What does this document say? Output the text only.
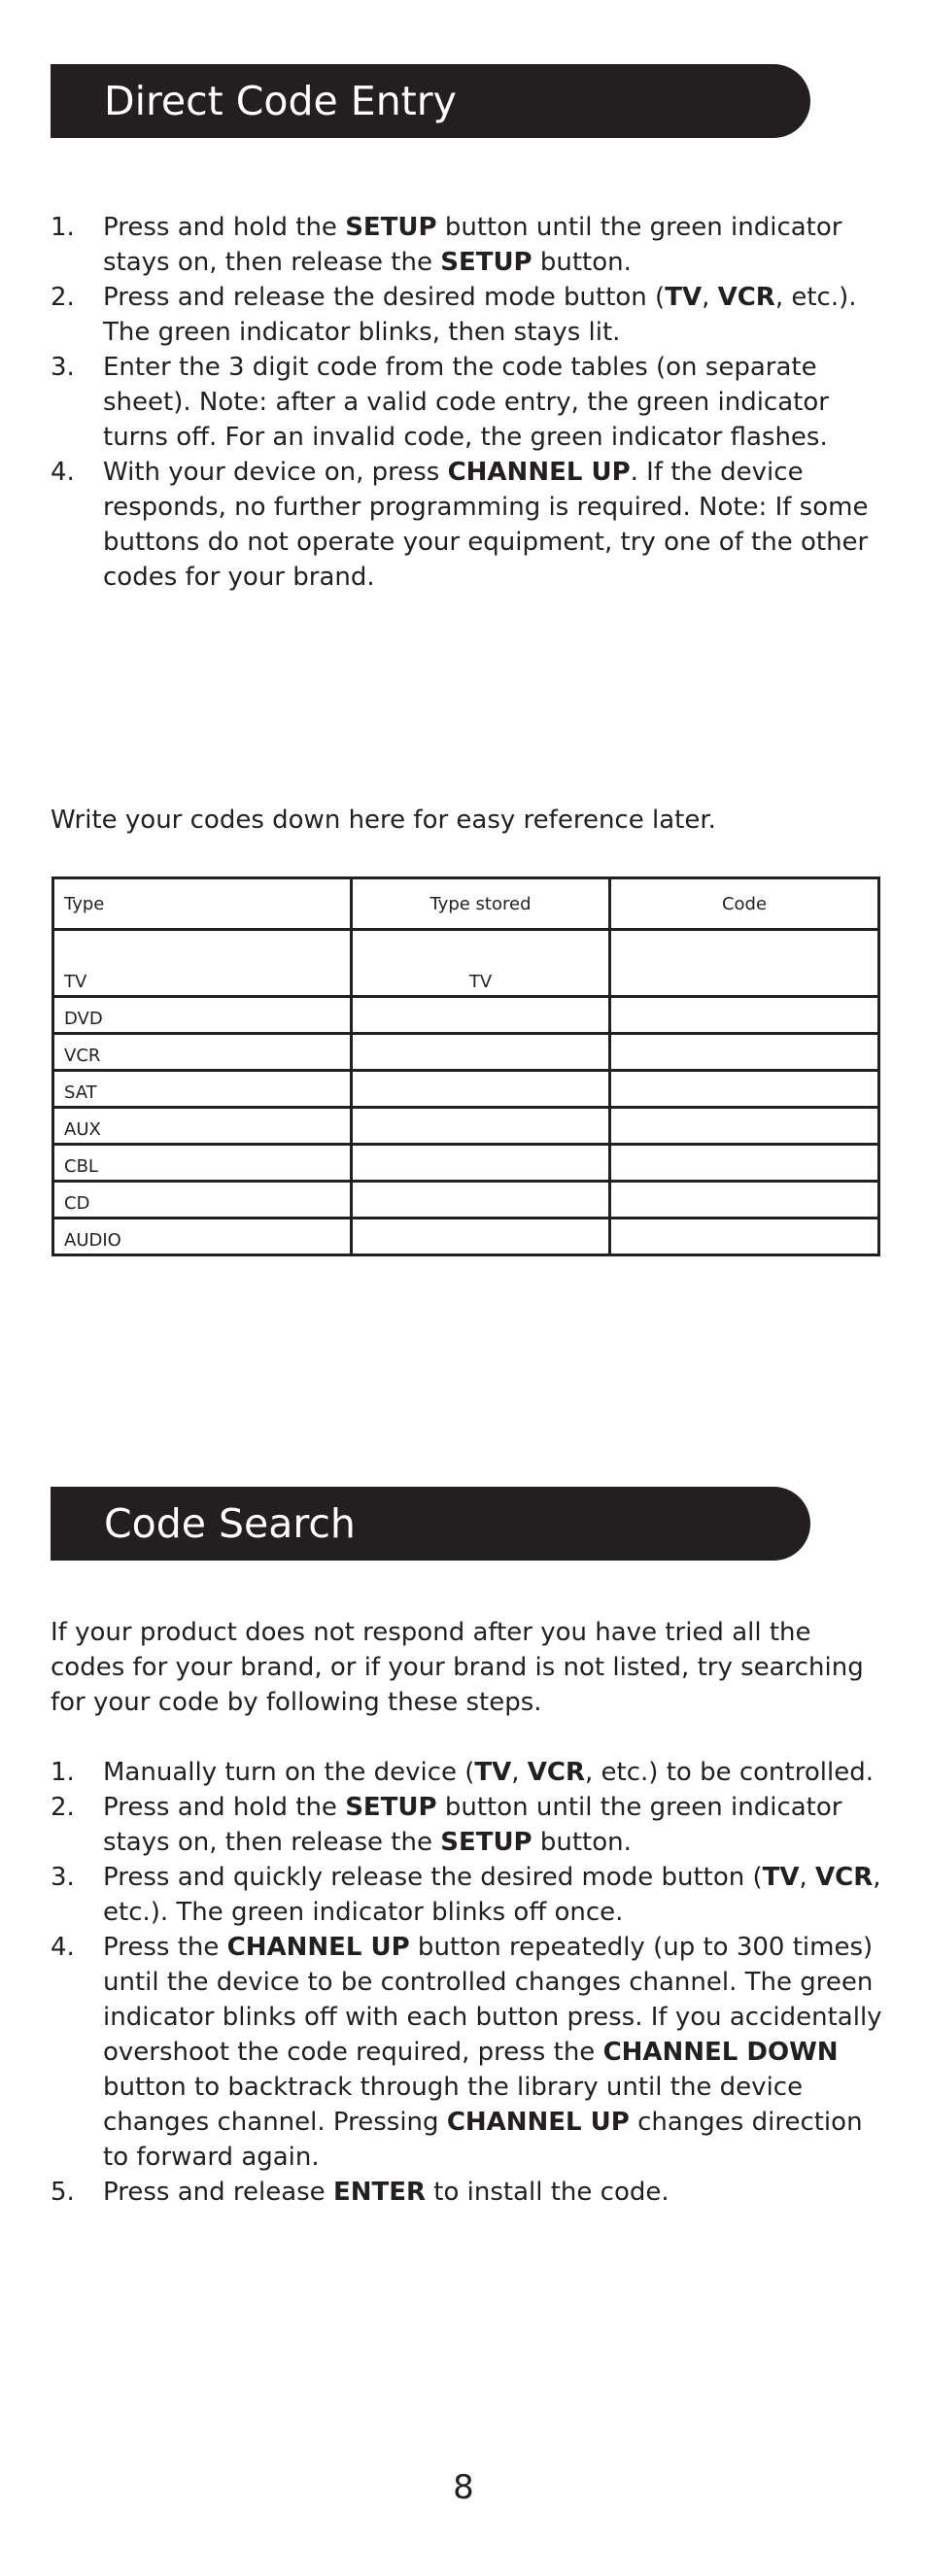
Direct Code Entry
1. Press and hold the SETUP button until the green indicator stays on, then release the SETUP button.
2. Press and release the desired mode button (TV, VCR, etc.). The green indicator blinks, then stays lit.
3. Enter the 3 digit code from the code tables (on separate sheet). Note: after a valid code entry, the green indicator turns off. For an invalid code, the green indicator flashes.
4. With your device on, press CHANNEL UP. If the device responds, no further programming is required. Note: If some buttons do not operate your equipment, try one of the other codes for your brand.
Write your codes down here for easy reference later.
Type	Type stored	Code
TV	TV	
DVD		
VCR		
SAT		
AUX		
CBL		
CD		
AUDIO		
Code Search
If your product does not respond after you have tried all the codes for your brand, or if your brand is not listed, try searching for your code by following these steps.
1. Manually turn on the device (TV, VCR, etc.) to be controlled.
2. Press and hold the SETUP button until the green indicator stays on, then release the SETUP button.
3. Press and quickly release the desired mode button (TV, VCR, etc.). The green indicator blinks off once.
4. Press the CHANNEL UP button repeatedly (up to 300 times) until the device to be controlled changes channel. The green indicator blinks off with each button press. If you accidentally overshoot the code required, press the CHANNEL DOWN button to backtrack through the library until the device changes channel. Pressing CHANNEL UP changes direction to forward again.
5. Press and release ENTER to install the code.
8
